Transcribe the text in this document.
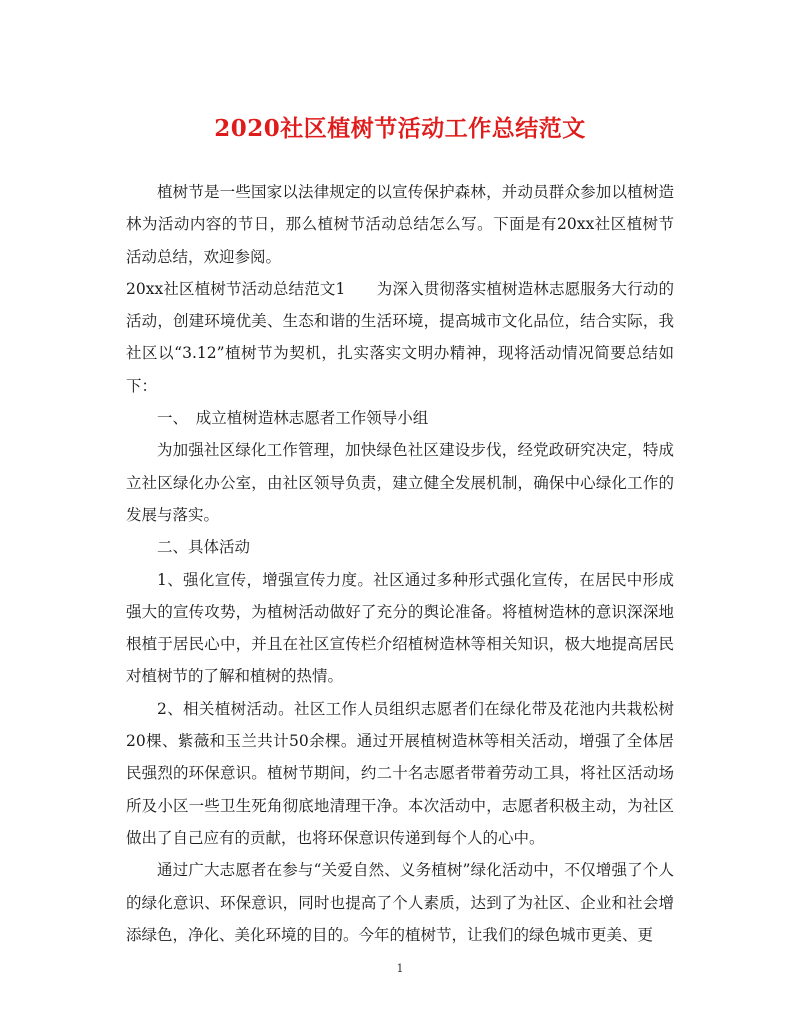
2020社区植树节活动工作总结范文

植树节是一些国家以法律规定的以宣传保护森林，并动员群众参加以植树造林为活动内容的节日，那么植树节活动总结怎么写。下面是有20xx社区植树节活动总结，欢迎参阅。

20xx社区植树节活动总结范文1　　为深入贯彻落实植树造林志愿服务大行动的活动，创建环境优美、生态和谐的生活环境，提高城市文化品位，结合实际，我社区以“3.12”植树节为契机，扎实落实文明办精神，现将活动情况简要总结如下：

一、　成立植树造林志愿者工作领导小组

为加强社区绿化工作管理，加快绿色社区建设步伐，经党政研究决定，特成立社区绿化办公室，由社区领导负责，建立健全发展机制，确保中心绿化工作的发展与落实。

二、具体活动

1、强化宣传，增强宣传力度。社区通过多种形式强化宣传，在居民中形成强大的宣传攻势，为植树活动做好了充分的舆论准备。将植树造林的意识深深地根植于居民心中，并且在社区宣传栏介绍植树造林等相关知识，极大地提高居民对植树节的了解和植树的热情。

2、相关植树活动。社区工作人员组织志愿者们在绿化带及花池内共栽松树20棵、紫薇和玉兰共计50余棵。通过开展植树造林等相关活动，增强了全体居民强烈的环保意识。植树节期间，约二十名志愿者带着劳动工具，将社区活动场所及小区一些卫生死角彻底地清理干净。本次活动中，志愿者积极主动，为社区做出了自己应有的贡献，也将环保意识传递到每个人的心中。

通过广大志愿者在参与“关爱自然、义务植树”绿化活动中，不仅增强了个人的绿化意识、环保意识，同时也提高了个人素质，达到了为社区、企业和社会增添绿色，净化、美化环境的目的。今年的植树节，让我们的绿色城市更美、更

1
